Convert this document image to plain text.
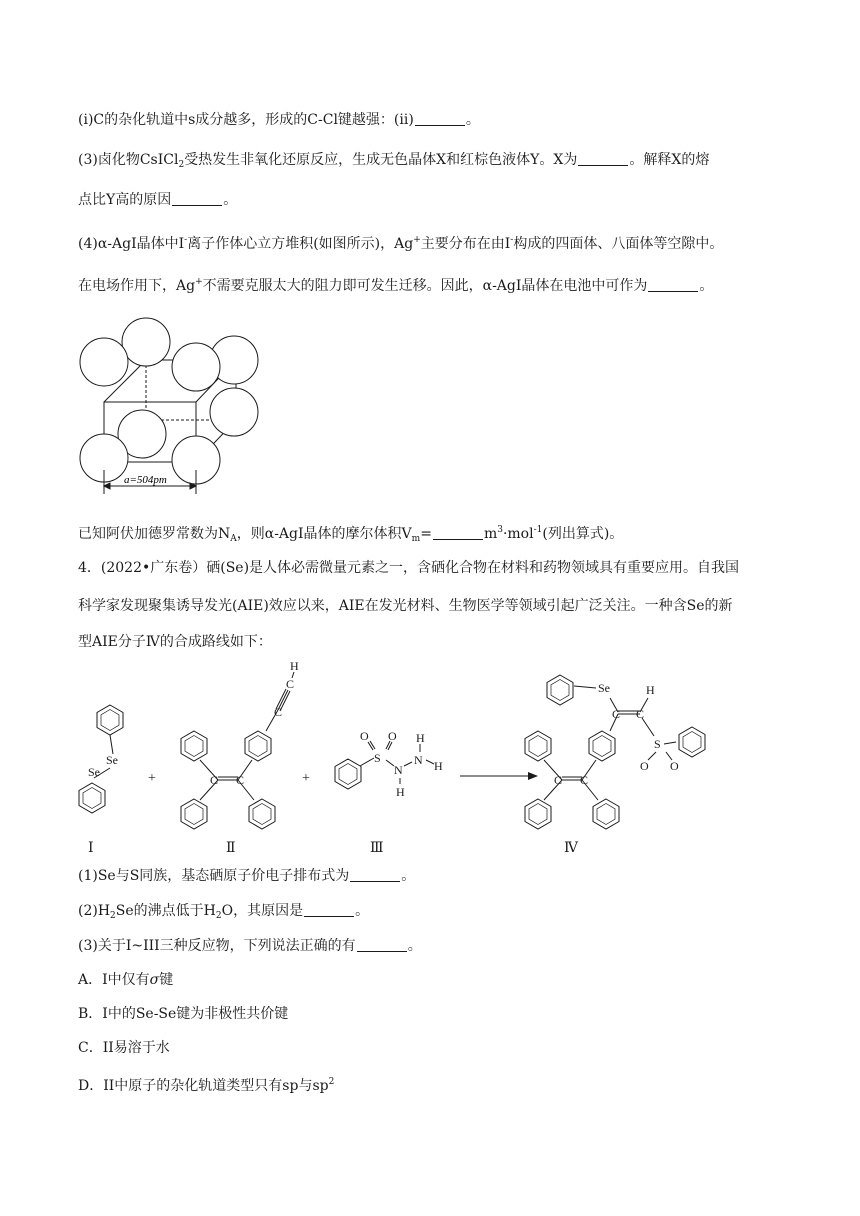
(ⅰ)C的杂化轨道中s成分越多，形成的C-Cl键越强：(ⅱ)	。
(3)卤化物CsICl$_2$受热发生非氧化还原反应，生成无色晶体X和红棕色液体Y。X为	。解释X的熔
点比Y高的原因	。
(4)α-AgI晶体中I-离子作体心立方堆积(如图所示)，Ag+主要分布在由I-构成的四面体、八面体等空隙中。
在电场作用下，Ag+不需要克服太大的阻力即可发生迁移。因此，α-AgI晶体在电池中可作为	。
a=504pm
已知阿伏加德罗常数为$N_A$，则α-AgI晶体的摩尔体积$V_m=$	$m^3\cdot mol^{-1}$(列出算式)。
4．(2022•广东卷）硒(Se)是人体必需微量元素之一，含硒化合物在材料和药物领域具有重要应用。自我国
科学家发现聚集诱导发光(AIE)效应以来，AIE在发光材料、生物医学等领域引起广泛关注。一种含Se的新
型AIE分子Ⅳ的合成路线如下：
Se
Se	+	C C
C
C
H
+
S
O O
N
H
N
H
H
C C
C C
Se	H
S
O O
Ⅰ	Ⅱ	Ⅲ	Ⅳ
(1)Se与S同族，基态硒原子价电子排布式为	。
$(2)H_2Se$的沸点低于$H_2O$，其原因是	。
(3)关于I~III三种反应物，下列说法正确的有	。
A．I中仅有σ键
B．I中的Se-Se键为非极性共价键
C．II易溶于水
D．II中原子的杂化轨道类型只有sp与$sp^2$
